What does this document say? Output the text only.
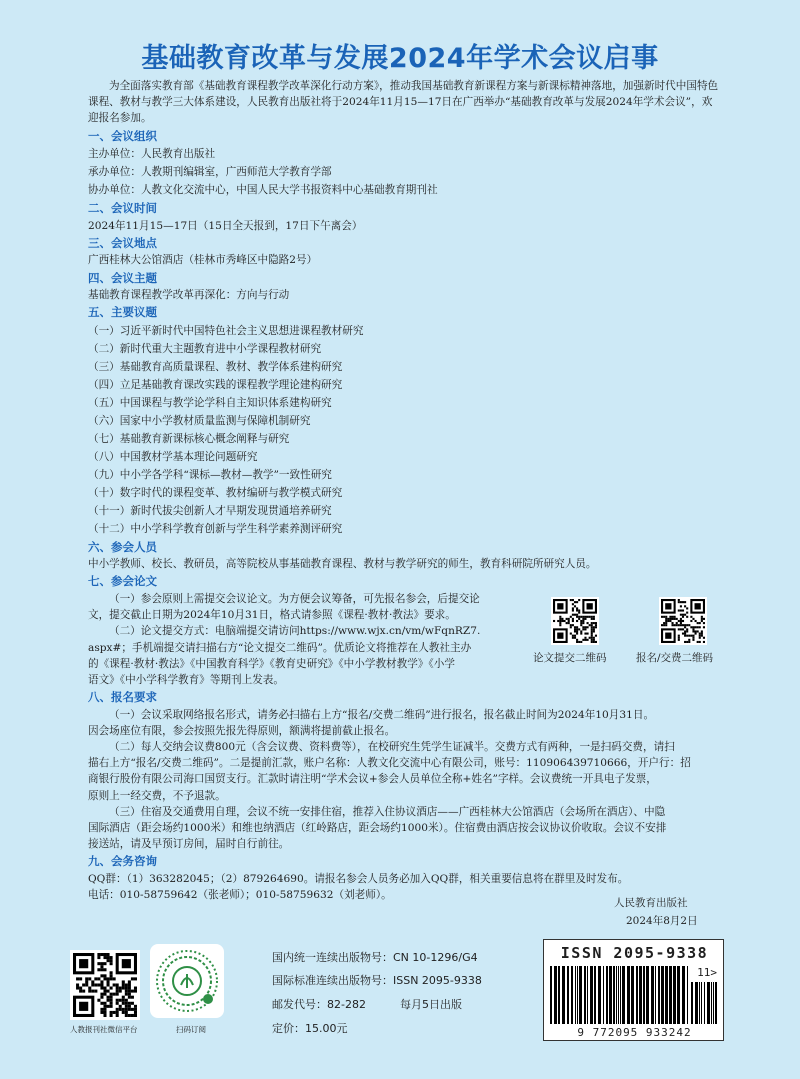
基础教育改革与发展2024年学术会议启事

为全面落实教育部《基础教育课程教学改革深化行动方案》，推动我国基础教育新课程方案与新课标精神落地，加强新时代中国特色课程、教材与教学三大体系建设，人民教育出版社将于2024年11月15—17日在广西举办“基础教育改革与发展2024年学术会议”，欢迎报名参加。

一、会议组织

主办单位：人民教育出版社

承办单位：人教期刊编辑室，广西师范大学教育学部

协办单位：人教文化交流中心，中国人民大学书报资料中心基础教育期刊社

二、会议时间

2024年11月15—17日（15日全天报到，17日下午离会）

三、会议地点

广西桂林大公馆酒店（桂林市秀峰区中隐路2号）

四、会议主题

基础教育课程教学改革再深化：方向与行动

五、主要议题

（一）习近平新时代中国特色社会主义思想进课程教材研究

（二）新时代重大主题教育进中小学课程教材研究

（三）基础教育高质量课程、教材、教学体系建构研究

（四）立足基础教育课改实践的课程教学理论建构研究

（五）中国课程与教学论学科自主知识体系建构研究

（六）国家中小学教材质量监测与保障机制研究

（七）基础教育新课标核心概念阐释与研究

（八）中国教材学基本理论问题研究

（九）中小学各学科“课标—教材—教学”一致性研究

（十）数字时代的课程变革、教材编研与教学模式研究

（十一）新时代拔尖创新人才早期发现贯通培养研究

（十二）中小学科学教育创新与学生科学素养测评研究

六、参会人员

中小学教师、校长、教研员，高等院校从事基础教育课程、教材与教学研究的师生，教育科研院所研究人员。

七、参会论文

（一）参会原则上需提交会议论文。为方便会议筹备，可先报名参会，后提交论

文，提交截止日期为2024年10月31日，格式请参照《课程·教材·教法》要求。

（二）论文提交方式：电脑端提交请访问https://www.wjx.cn/vm/wFqnRZ7.

aspx#；手机端提交请扫描右方“论文提交二维码”。优质论文将推荐在人教社主办

的《课程·教材·教法》《中国教育科学》《教育史研究》《中小学教材教学》《小学

语文》《中小学科学教育》等期刊上发表。

八、报名要求

（一）会议采取网络报名形式，请务必扫描右上方“报名/交费二维码”进行报名，报名截止时间为2024年10月31日。

因会场座位有限，参会按照先报先得原则，额满将提前截止报名。

（二）每人交纳会议费800元（含会议费、资料费等），在校研究生凭学生证减半。交费方式有两种，一是扫码交费，请扫

描右上方“报名/交费二维码”。二是提前汇款，账户名称：人教文化交流中心有限公司，账号：110906439710666，开户行：招

商银行股份有限公司海口国贸支行。汇款时请注明“学术会议+参会人员单位全称+姓名”字样。会议费统一开具电子发票，

原则上一经交费，不予退款。

（三）住宿及交通费用自理，会议不统一安排住宿，推荐入住协议酒店——广西桂林大公馆酒店（会场所在酒店）、中隐

国际酒店（距会场约1000米）和维也纳酒店（红岭路店，距会场约1000米）。住宿费由酒店按会议协议价收取。会议不安排

接送站，请及早预订房间，届时自行前往。

九、会务咨询

QQ群：（1）363282045；（2）879264690。请报名参会人员务必加入QQ群，相关重要信息将在群里及时发布。

电话：010-58759642（张老师）；010-58759632（刘老师）。

论文提交二维码	报名/交费二维码
人民教育出版社
2024年8月2日
人教报刊社微信平台	扫码订阅
国内统一连续出版物号：CN 10-1296/G4
国际标准连续出版物号：ISSN 2095-9338
邮发代号：82-282	每月5日出版
定价：15.00元
ISSN 2095-9338
11>
9 772095 933242
